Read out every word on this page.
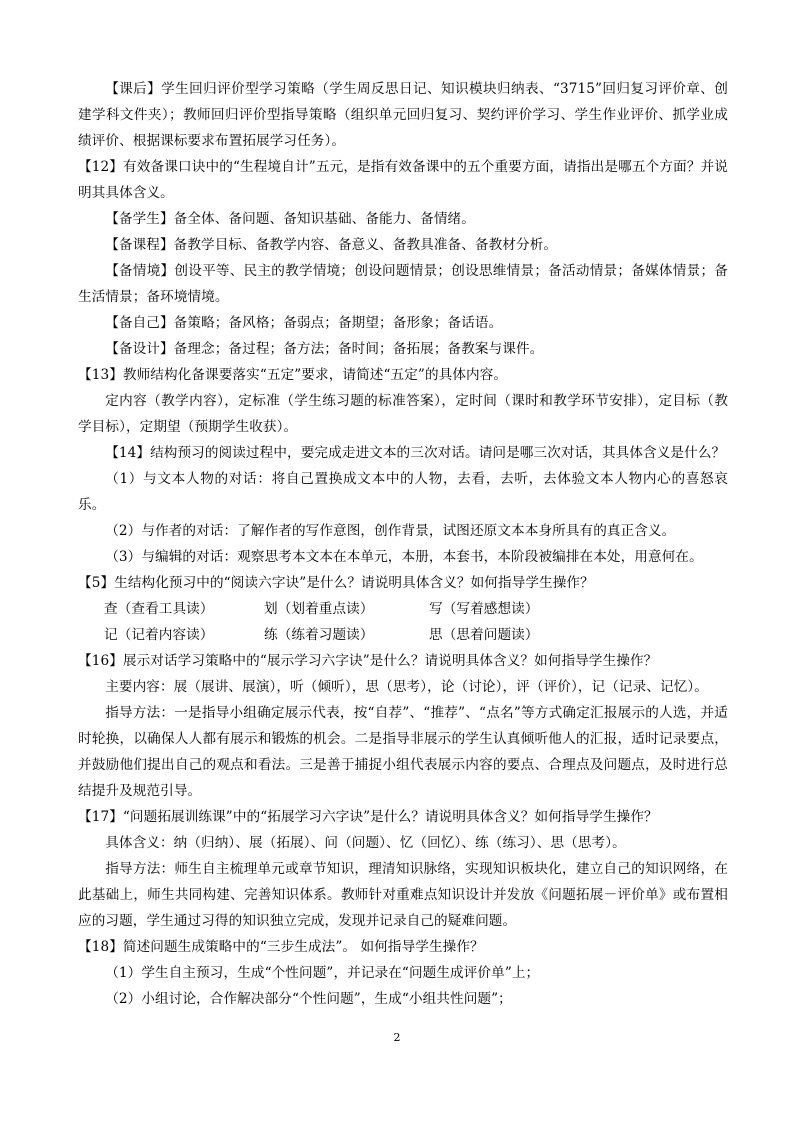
【课后】学生回归评价型学习策略（学生周反思日记、知识模块归纳表、“3715”回归复习评价章、创建学科文件夹）；教师回归评价型指导策略（组织单元回归复习、契约评价学习、学生作业评价、抓学业成绩评价、根据课标要求布置拓展学习任务）。

【12】有效备课口诀中的“生程境自计”五元，是指有效备课中的五个重要方面，请指出是哪五个方面？并说明其具体含义。

【备学生】备全体、备问题、备知识基础、备能力、备情绪。

【备课程】备教学目标、备教学内容、备意义、备教具准备、备教材分析。

【备情境】创设平等、民主的教学情境；创设问题情景；创设思维情景；备活动情景；备媒体情景；备生活情景；备环境情境。

【备自己】备策略；备风格；备弱点；备期望；备形象；备话语。

【备设计】备理念；备过程；备方法；备时间；备拓展；备教案与课件。

【13】教师结构化备课要落实“五定”要求，请简述“五定”的具体内容。

定内容（教学内容），定标准（学生练习题的标准答案），定时间（课时和教学环节安排），定目标（教学目标），定期望（预期学生收获）。

【14】结构预习的阅读过程中，要完成走进文本的三次对话。请问是哪三次对话，其具体含义是什么？

（1）与文本人物的对话：将自己置换成文本中的人物，去看，去听，去体验文本人物内心的喜怒哀乐。

（2）与作者的对话：了解作者的写作意图，创作背景，试图还原文本本身所具有的真正含义。

（3）与编辑的对话：观察思考本文本在本单元，本册，本套书，本阶段被编排在本处，用意何在。

【5】生结构化预习中的“阅读六字诀”是什么？请说明具体含义？如何指导学生操作？

查（查看工具读）	划（划着重点读）	写（写着感想读）
记（记着内容读）	练（练着习题读）	思（思着问题读）

【16】展示对话学习策略中的“展示学习六字诀”是什么？请说明具体含义？如何指导学生操作？

主要内容：展（展讲、展演），听（倾听），思（思考），论（讨论），评（评价），记（记录、记忆）。

指导方法：一是指导小组确定展示代表，按“自荐”、“推荐”、“点名”等方式确定汇报展示的人选，并适时轮换，以确保人人都有展示和锻炼的机会。二是指导非展示的学生认真倾听他人的汇报，适时记录要点，并鼓励他们提出自己的观点和看法。三是善于捕捉小组代表展示内容的要点、合理点及问题点，及时进行总结提升及规范引导。

【17】“问题拓展训练课”中的“拓展学习六字诀”是什么？请说明具体含义？如何指导学生操作？

具体含义：纳（归纳）、展（拓展）、问（问题）、忆（回忆）、练（练习）、思（思考）。

指导方法：师生自主梳理单元或章节知识，理清知识脉络，实现知识板块化，建立自己的知识网络，在此基础上，师生共同构建、完善知识体系。教师针对重难点知识设计并发放《问题拓展－评价单》或布置相应的习题，学生通过习得的知识独立完成，发现并记录自己的疑难问题。

【18】简述问题生成策略中的“三步生成法”。 如何指导学生操作？

（1）学生自主预习，生成“个性问题”，并记录在“问题生成评价单”上；

（2）小组讨论，合作解决部分“个性问题”，生成“小组共性问题”；

2
